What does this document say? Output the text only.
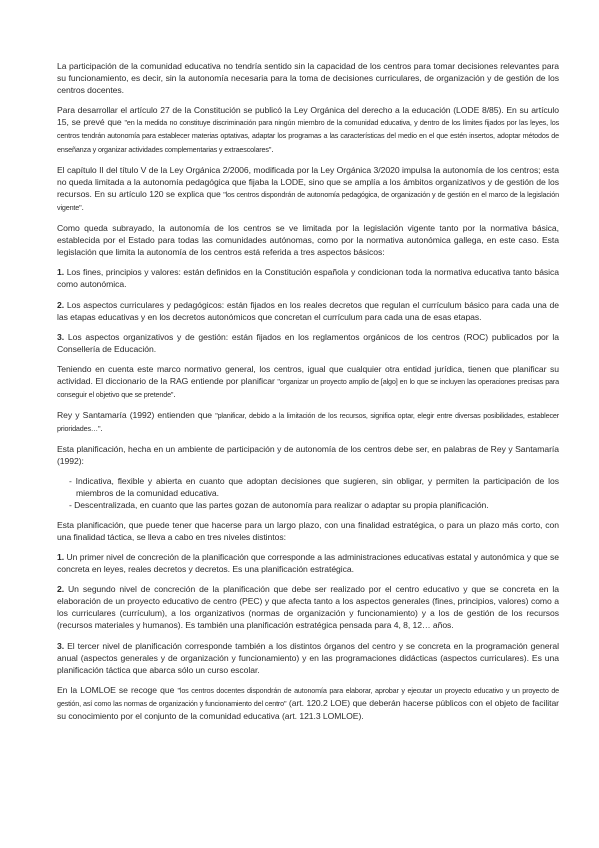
La participación de la comunidad educativa no tendría sentido sin la capacidad de los centros para tomar decisiones relevantes para su funcionamiento, es decir, sin la autonomía necesaria para la toma de decisiones curriculares, de organización y de gestión de los centros docentes.

Para desarrollar el artículo 27 de la Constitución se publicó la Ley Orgánica del derecho a la educación (LODE 8/85). En su artículo 15, se prevé que "en la medida no constituye discriminación para ningún miembro de la comunidad educativa, y dentro de los límites fijados por las leyes, los centros tendrán autonomía para establecer materias optativas, adaptar los programas a las características del medio en el que estén insertos, adoptar métodos de enseñanza y organizar actividades complementarias y extraescolares".

El capítulo II del título V de la Ley Orgánica 2/2006, modificada por la Ley Orgánica 3/2020 impulsa la autonomía de los centros; esta no queda limitada a la autonomía pedagógica que fijaba la LODE, sino que se amplía a los ámbitos organizativos y de gestión de los recursos. En su artículo 120 se explica que "los centros dispondrán de autonomía pedagógica, de organización y de gestión en el marco de la legislación vigente".

Como queda subrayado, la autonomía de los centros se ve limitada por la legislación vigente tanto por la normativa básica, establecida por el Estado para todas las comunidades autónomas, como por la normativa autonómica gallega, en este caso. Esta legislación que limita la autonomía de los centros está referida a tres aspectos básicos:

1. Los fines, principios y valores: están definidos en la Constitución española y condicionan toda la normativa educativa tanto básica como autonómica.

2. Los aspectos curriculares y pedagógicos: están fijados en los reales decretos que regulan el currículum básico para cada una de las etapas educativas y en los decretos autonómicos que concretan el currículum para cada una de esas etapas.

3. Los aspectos organizativos y de gestión: están fijados en los reglamentos orgánicos de los centros (ROC) publicados por la Consellería de Educación.

Teniendo en cuenta este marco normativo general, los centros, igual que cualquier otra entidad jurídica, tienen que planificar su actividad. El diccionario de la RAG entiende por planificar "organizar un proyecto amplio de [algo] en lo que se incluyen las operaciones precisas para conseguir el objetivo que se pretende".

Rey y Santamaría (1992) entienden que "planificar, debido a la limitación de los recursos, significa optar, elegir entre diversas posibilidades, establecer prioridades…".

Esta planificación, hecha en un ambiente de participación y de autonomía de los centros debe ser, en palabras de Rey y Santamaría (1992):

- Indicativa, flexible y abierta en cuanto que adoptan decisiones que sugieren, sin obligar, y permiten la participación de los miembros de la comunidad educativa.
- Descentralizada, en cuanto que las partes gozan de autonomía para realizar o adaptar su propia planificación.

Esta planificación, que puede tener que hacerse para un largo plazo, con una finalidad estratégica, o para un plazo más corto, con una finalidad táctica, se lleva a cabo en tres niveles distintos:

1. Un primer nivel de concreción de la planificación que corresponde a las administraciones educativas estatal y autonómica y que se concreta en leyes, reales decretos y decretos. Es una planificación estratégica.

2. Un segundo nivel de concreción de la planificación que debe ser realizado por el centro educativo y que se concreta en la elaboración de un proyecto educativo de centro (PEC) y que afecta tanto a los aspectos generales (fines, principios, valores) como a los curriculares (currículum), a los organizativos (normas de organización y funcionamiento) y a los de gestión de los recursos (recursos materiales y humanos). Es también una planificación estratégica pensada para 4, 8, 12… años.

3. El tercer nivel de planificación corresponde también a los distintos órganos del centro y se concreta en la programación general anual (aspectos generales y de organización y funcionamiento) y en las programaciones didácticas (aspectos curriculares). Es una planificación táctica que abarca sólo un curso escolar.

En la LOMLOE se recoge que "los centros docentes dispondrán de autonomía para elaborar, aprobar y ejecutar un proyecto educativo y un proyecto de gestión, así como las normas de organización y funcionamiento del centro" (art. 120.2 LOE) que deberán hacerse públicos con el objeto de facilitar su conocimiento por el conjunto de la comunidad educativa (art. 121.3 LOMLOE).
